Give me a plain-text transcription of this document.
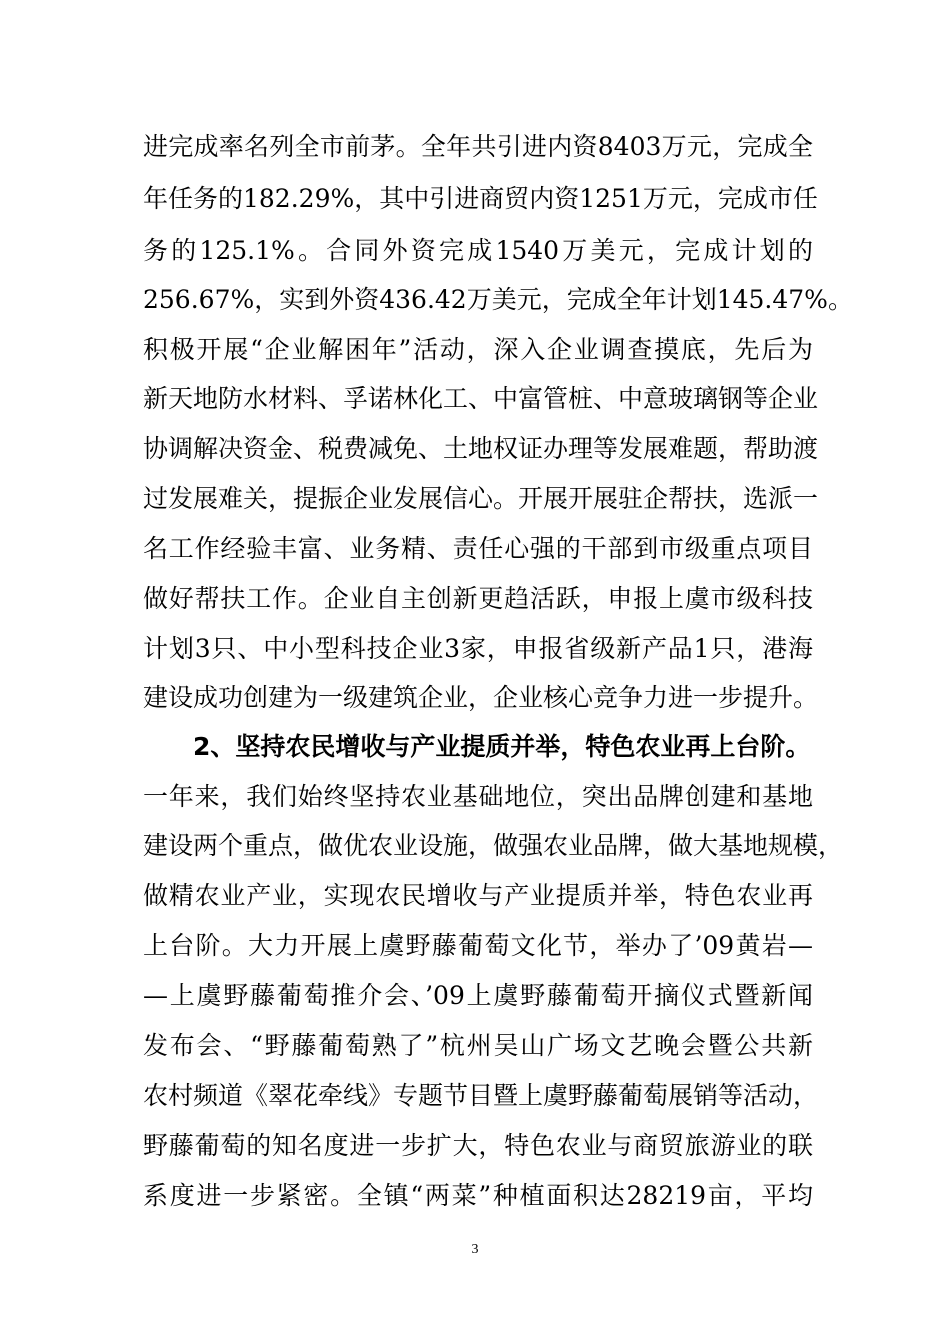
进完成率名列全市前茅。全年共引进内资8403万元，完成全
年任务的182.29%，其中引进商贸内资1251万元，完成市任
务的125.1%。合同外资完成1540万美元，完成计划的
256.67%，实到外资436.42万美元，完成全年计划145.47%。
积极开展“企业解困年”活动，深入企业调查摸底，先后为
新天地防水材料、孚诺林化工、中富管桩、中意玻璃钢等企业
协调解决资金、税费减免、土地权证办理等发展难题，帮助渡
过发展难关，提振企业发展信心。开展开展驻企帮扶，选派一
名工作经验丰富、业务精、责任心强的干部到市级重点项目
做好帮扶工作。企业自主创新更趋活跃，申报上虞市级科技
计划3只、中小型科技企业3家，申报省级新产品1只，港海
建设成功创建为一级建筑企业，企业核心竞争力进一步提升。
2、坚持农民增收与产业提质并举，特色农业再上台阶。
一年来，我们始终坚持农业基础地位，突出品牌创建和基地
建设两个重点，做优农业设施，做强农业品牌，做大基地规模，
做精农业产业，实现农民增收与产业提质并举，特色农业再
上台阶。大力开展上虞野藤葡萄文化节，举办了’09黄岩—
—上虞野藤葡萄推介会、’09上虞野藤葡萄开摘仪式暨新闻
发布会、“野藤葡萄熟了”杭州吴山广场文艺晚会暨公共新
农村频道《翠花牵线》专题节目暨上虞野藤葡萄展销等活动，
野藤葡萄的知名度进一步扩大，特色农业与商贸旅游业的联
系度进一步紧密。全镇“两菜”种植面积达28219亩，平均
3
